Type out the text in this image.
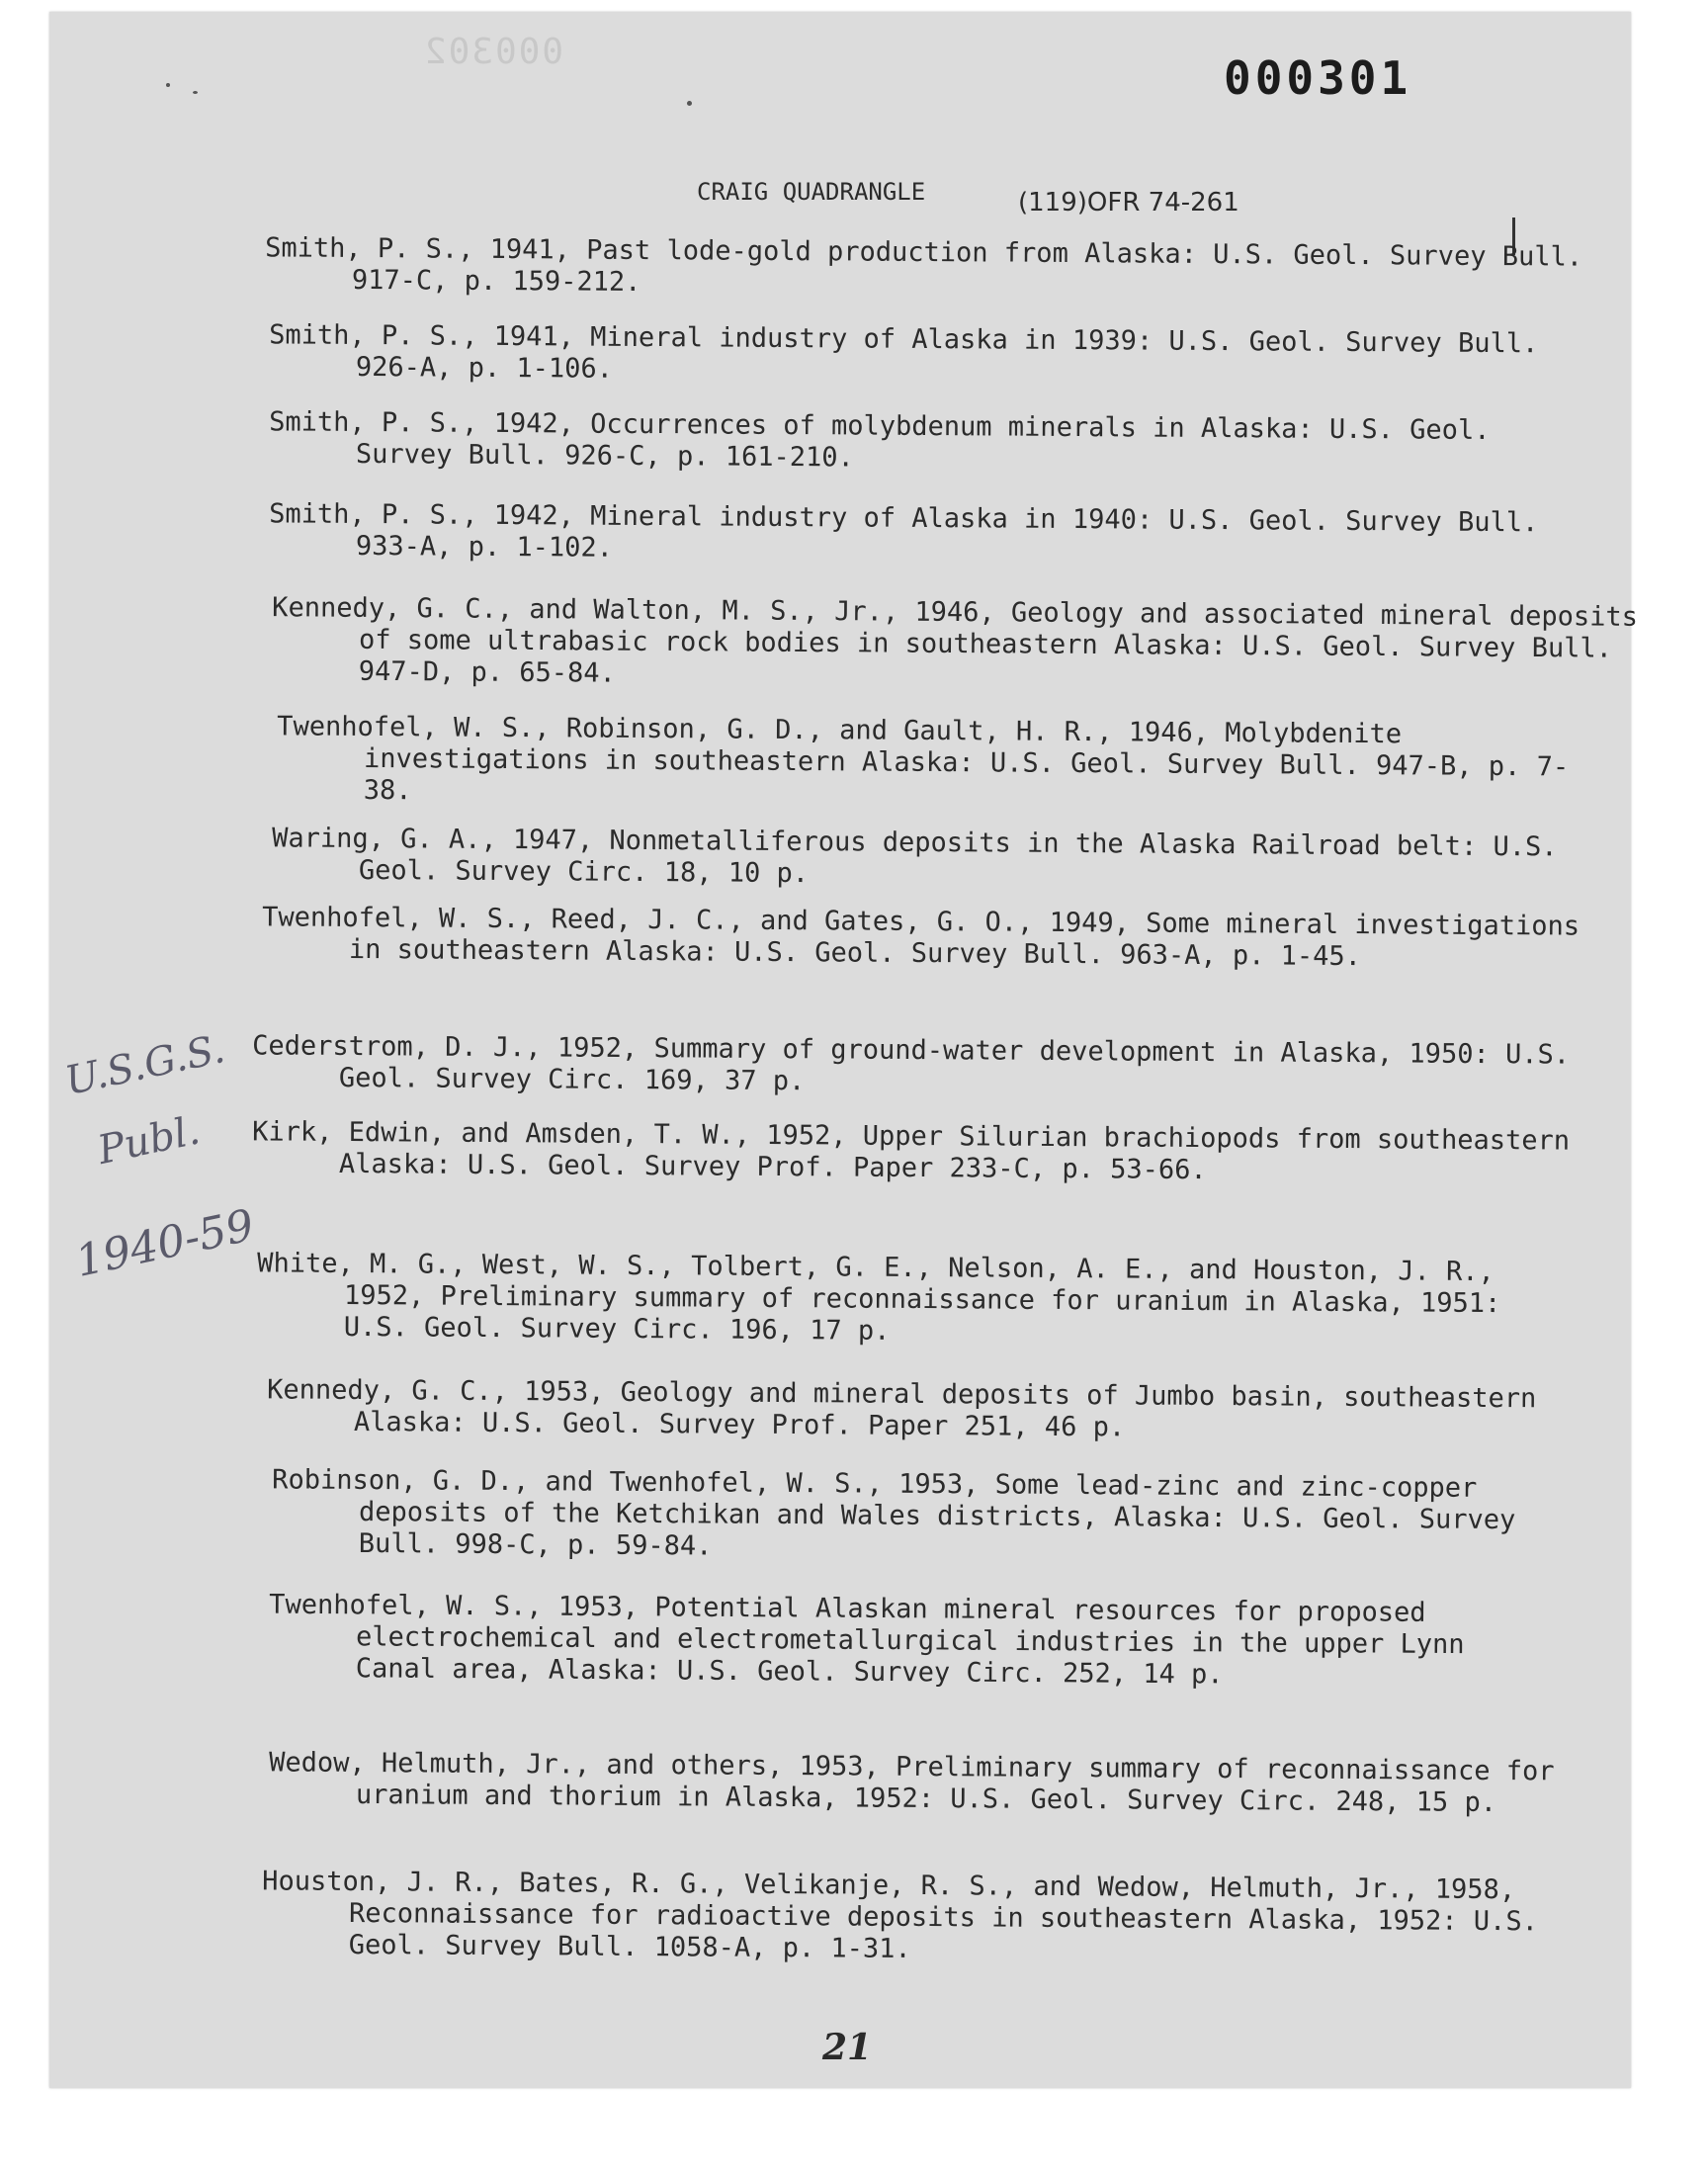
000302	000301
CRAIG QUADRANGLE	(119)OFR 74-261
Smith, P. S., 1941, Past lode-gold production from Alaska: U.S. Geol. Survey Bull. 917-C, p. 159-212.
Smith, P. S., 1941, Mineral industry of Alaska in 1939: U.S. Geol. Survey Bull. 926-A, p. 1-106.
Smith, P. S., 1942, Occurrences of molybdenum minerals in Alaska: U.S. Geol. Survey Bull. 926-C, p. 161-210.
Smith, P. S., 1942, Mineral industry of Alaska in 1940: U.S. Geol. Survey Bull. 933-A, p. 1-102.
Kennedy, G. C., and Walton, M. S., Jr., 1946, Geology and associated mineral deposits of some ultrabasic rock bodies in southeastern Alaska: U.S. Geol. Survey Bull. 947-D, p. 65-84.
Twenhofel, W. S., Robinson, G. D., and Gault, H. R., 1946, Molybdenite investigations in southeastern Alaska: U.S. Geol. Survey Bull. 947-B, p. 7-38.
Waring, G. A., 1947, Nonmetalliferous deposits in the Alaska Railroad belt: U.S. Geol. Survey Circ. 18, 10 p.
Twenhofel, W. S., Reed, J. C., and Gates, G. O., 1949, Some mineral investigations in southeastern Alaska: U.S. Geol. Survey Bull. 963-A, p. 1-45.
Cederstrom, D. J., 1952, Summary of ground-water development in Alaska, 1950: U.S. Geol. Survey Circ. 169, 37 p.
Kirk, Edwin, and Amsden, T. W., 1952, Upper Silurian brachiopods from southeastern Alaska: U.S. Geol. Survey Prof. Paper 233-C, p. 53-66.
White, M. G., West, W. S., Tolbert, G. E., Nelson, A. E., and Houston, J. R., 1952, Preliminary summary of reconnaissance for uranium in Alaska, 1951: U.S. Geol. Survey Circ. 196, 17 p.
Kennedy, G. C., 1953, Geology and mineral deposits of Jumbo basin, southeastern Alaska: U.S. Geol. Survey Prof. Paper 251, 46 p.
Robinson, G. D., and Twenhofel, W. S., 1953, Some lead-zinc and zinc-copper deposits of the Ketchikan and Wales districts, Alaska: U.S. Geol. Survey Bull. 998-C, p. 59-84.
Twenhofel, W. S., 1953, Potential Alaskan mineral resources for proposed electrochemical and electrometallurgical industries in the upper Lynn Canal area, Alaska: U.S. Geol. Survey Circ. 252, 14 p.
Wedow, Helmuth, Jr., and others, 1953, Preliminary summary of reconnaissance for uranium and thorium in Alaska, 1952: U.S. Geol. Survey Circ. 248, 15 p.
Houston, J. R., Bates, R. G., Velikanje, R. S., and Wedow, Helmuth, Jr., 1958, Reconnaissance for radioactive deposits in southeastern Alaska, 1952: U.S. Geol. Survey Bull. 1058-A, p. 1-31.
U.S.G.S.
Publ.
1940-59
21
